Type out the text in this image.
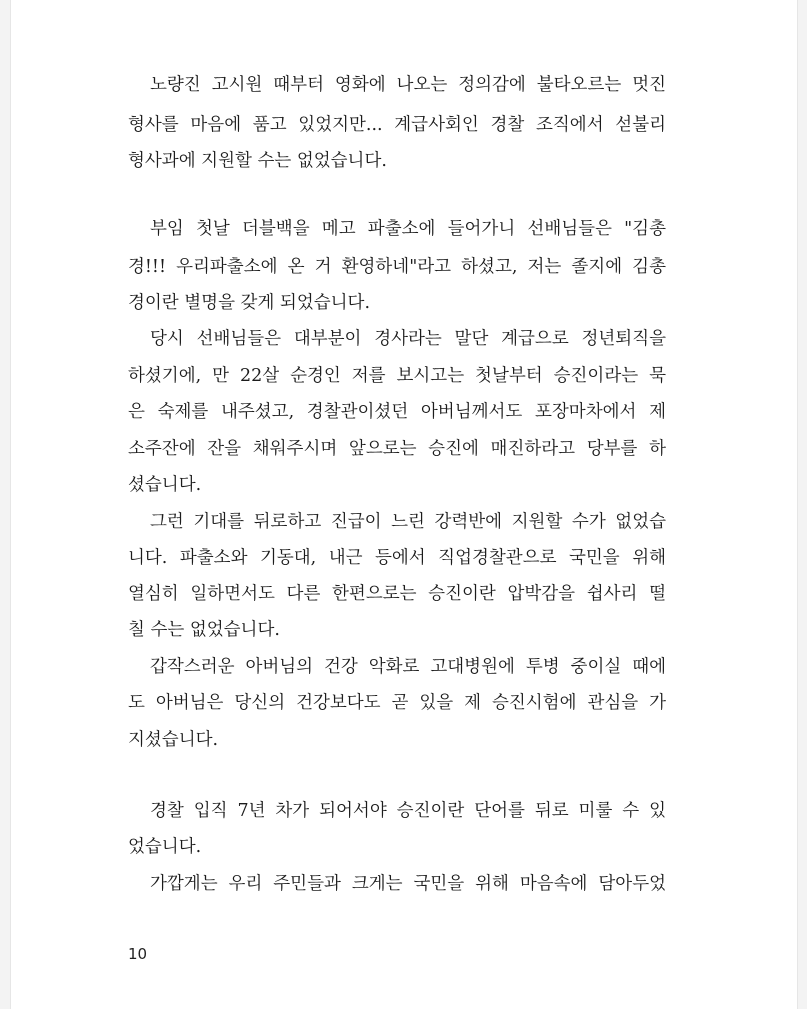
노량진 고시원 때부터 영화에 나오는 정의감에 불타오르는 멋진

형사를 마음에 품고 있었지만... 계급사회인 경찰 조직에서 섣불리

형사과에 지원할 수는 없었습니다.

부임 첫날 더블백을 메고 파출소에 들어가니 선배님들은 "김총

경!!! 우리파출소에 온 거 환영하네"라고 하셨고, 저는 졸지에 김총

경이란 별명을 갖게 되었습니다.

당시 선배님들은 대부분이 경사라는 말단 계급으로 정년퇴직을

하셨기에, 만 22살 순경인 저를 보시고는 첫날부터 승진이라는 묵

은 숙제를 내주셨고, 경찰관이셨던 아버님께서도 포장마차에서 제

소주잔에 잔을 채워주시며 앞으로는 승진에 매진하라고 당부를 하

셨습니다.

그런 기대를 뒤로하고 진급이 느린 강력반에 지원할 수가 없었습

니다. 파출소와 기동대, 내근 등에서 직업경찰관으로 국민을 위해

열심히 일하면서도 다른 한편으로는 승진이란 압박감을 쉽사리 떨

칠 수는 없었습니다.

갑작스러운 아버님의 건강 악화로 고대병원에 투병 중이실 때에

도 아버님은 당신의 건강보다도 곧 있을 제 승진시험에 관심을 가

지셨습니다.

경찰 입직 7년 차가 되어서야 승진이란 단어를 뒤로 미룰 수 있

었습니다.

가깝게는 우리 주민들과 크게는 국민을 위해 마음속에 담아두었

10
